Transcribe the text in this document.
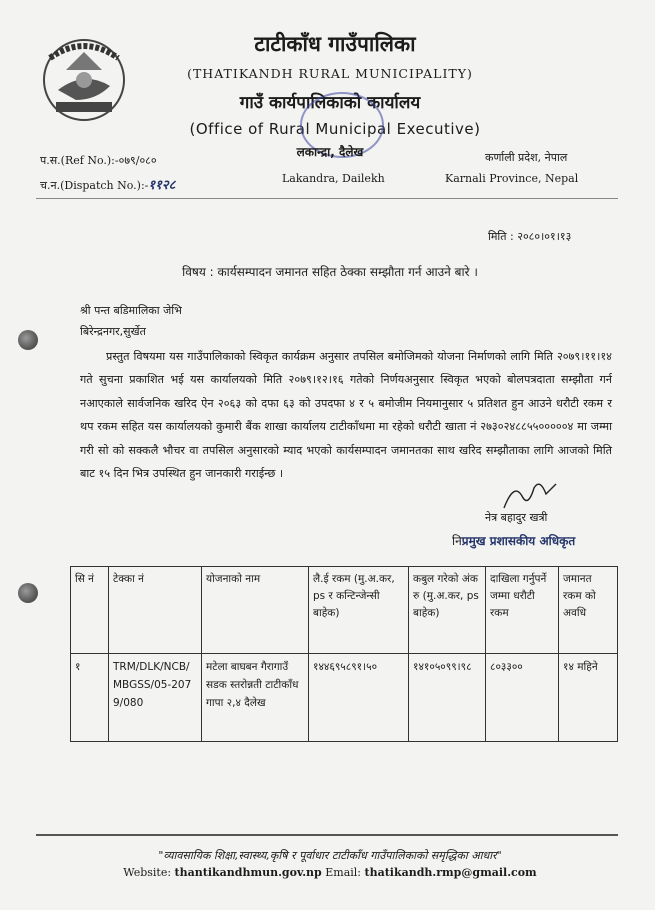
टाटीकाँध गाउँपालिका
(THATIKANDH RURAL MUNICIPALITY)
गाउँ कार्यपालिकाको कार्यालय
(Office of Rural Municipal Executive)
लकान्द्रा, दैलेख
प.स.(Ref No.):-०७९/०८०
च.न.(Dispatch No.):-११२८
कर्णाली प्रदेश, नेपाल
Lakandra, Dailekh	Karnali Province, Nepal
मिति : २०८०।०१।१३
विषय : कार्यसम्पादन जमानत सहित ठेक्का सम्झौता गर्न आउने बारे ।
श्री पन्त बडिमालिका जेभि
बिरेन्द्रनगर,सुर्खेत

प्रस्तुत विषयमा यस गाउँपालिकाको स्विकृत कार्यक्रम अनुसार तपसिल बमोजिमको योजना निर्माणको लागि मिति २०७९।११।१४ गते सुचना प्रकाशित भई यस कार्यालयको मिति २०७९।१२।१६ गतेको निर्णयअनुसार स्विकृत भएको बोलपत्रदाता सम्झौता गर्न नआएकाले सार्वजनिक खरिद ऐन २०६३ को दफा ६३ को उपदफा ४ र ५ बमोजीम नियमानुसार ५ प्रतिशत हुन आउने धरौटी रकम र थप रकम सहित यस कार्यालयको कुमारी बैंक शाखा कार्यालय टाटीकाँधमा मा रहेको धरौटी खाता नं २७३०२४८८५५०००००४ मा जम्मा गरी सो को सक्कलै भौचर वा तपसिल अनुसारको म्याद भएको कार्यसम्पादन जमानतका साथ खरिद सम्झौताका लागि आजको मिति बाट १५ दिन भित्र उपस्थित हुन जानकारी गराईन्छ ।

नेत्र बहादुर खत्री
निप्रमुख प्रशासकीय अधिकृत
सि नं	टेक्का नं	योजनाको नाम	लै.ई रकम (मु.अ.कर, ps र कन्टिन्जेन्सी बाहेक)	कबुल गरेको अंक रु (मु.अ.कर, ps बाहेक)	दाखिला गर्नुपर्ने जम्मा धरौटी रकम	जमानत रकम को अवधि
१	TRM/DLK/NCB/MBGSS/05-2079/080	मटेला बाघबन गैरागाउँ सडक स्तरोन्नती टाटीकाँध गापा २,४ दैलेख	१४४६९५८९१।५०	१४१०५०९९।९८	८०३३००	१४ महिने
"व्यावसायिक शिक्षा,स्वास्थ्य,कृषि र पूर्वाधार टाटीकाँध गाउँपालिकाको समृद्धिका आधार"
Website: thantikandhmun.gov.np Email: thatikandh.rmp@gmail.com
